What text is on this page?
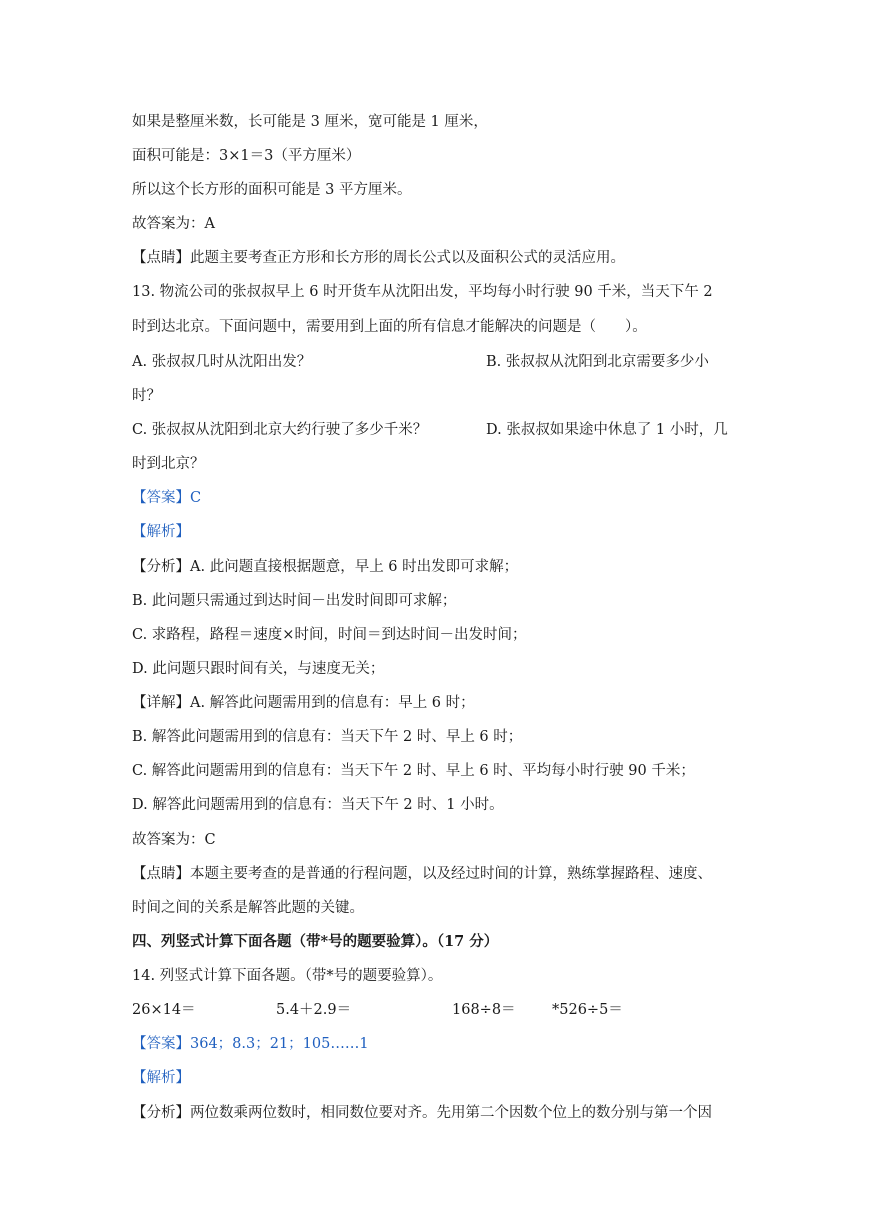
如果是整厘米数，长可能是 3 厘米，宽可能是 1 厘米，
面积可能是：3×1＝3（平方厘米）
所以这个长方形的面积可能是 3 平方厘米。
故答案为：A
【点睛】此题主要考查正方形和长方形的周长公式以及面积公式的灵活应用。
13. 物流公司的张叔叔早上 6 时开货车从沈阳出发，平均每小时行驶 90 千米，当天下午 2
时到达北京。下面问题中，需要用到上面的所有信息才能解决的问题是（　　）。
A. 张叔叔几时从沈阳出发？	B. 张叔叔从沈阳到北京需要多少小
时？
C. 张叔叔从沈阳到北京大约行驶了多少千米？	D. 张叔叔如果途中休息了 1 小时，几
时到北京？
【答案】C
【解析】
【分析】A. 此问题直接根据题意，早上 6 时出发即可求解；
B. 此问题只需通过到达时间－出发时间即可求解；
C. 求路程，路程＝速度×时间，时间＝到达时间－出发时间；
D. 此问题只跟时间有关，与速度无关；
【详解】A. 解答此问题需用到的信息有：早上 6 时；
B. 解答此问题需用到的信息有：当天下午 2 时、早上 6 时；
C. 解答此问题需用到的信息有：当天下午 2 时、早上 6 时、平均每小时行驶 90 千米；
D. 解答此问题需用到的信息有：当天下午 2 时、1 小时。
故答案为：C
【点睛】本题主要考查的是普通的行程问题，以及经过时间的计算，熟练掌握路程、速度、
时间之间的关系是解答此题的关键。
四、列竖式计算下面各题（带*号的题要验算）。（17 分）
14. 列竖式计算下面各题。（带*号的题要验算）。
26×14＝	5.4＋2.9＝	168÷8＝	*526÷5＝
【答案】364；8.3；21；105……1
【解析】
【分析】两位数乘两位数时，相同数位要对齐。先用第二个因数个位上的数分别与第一个因
